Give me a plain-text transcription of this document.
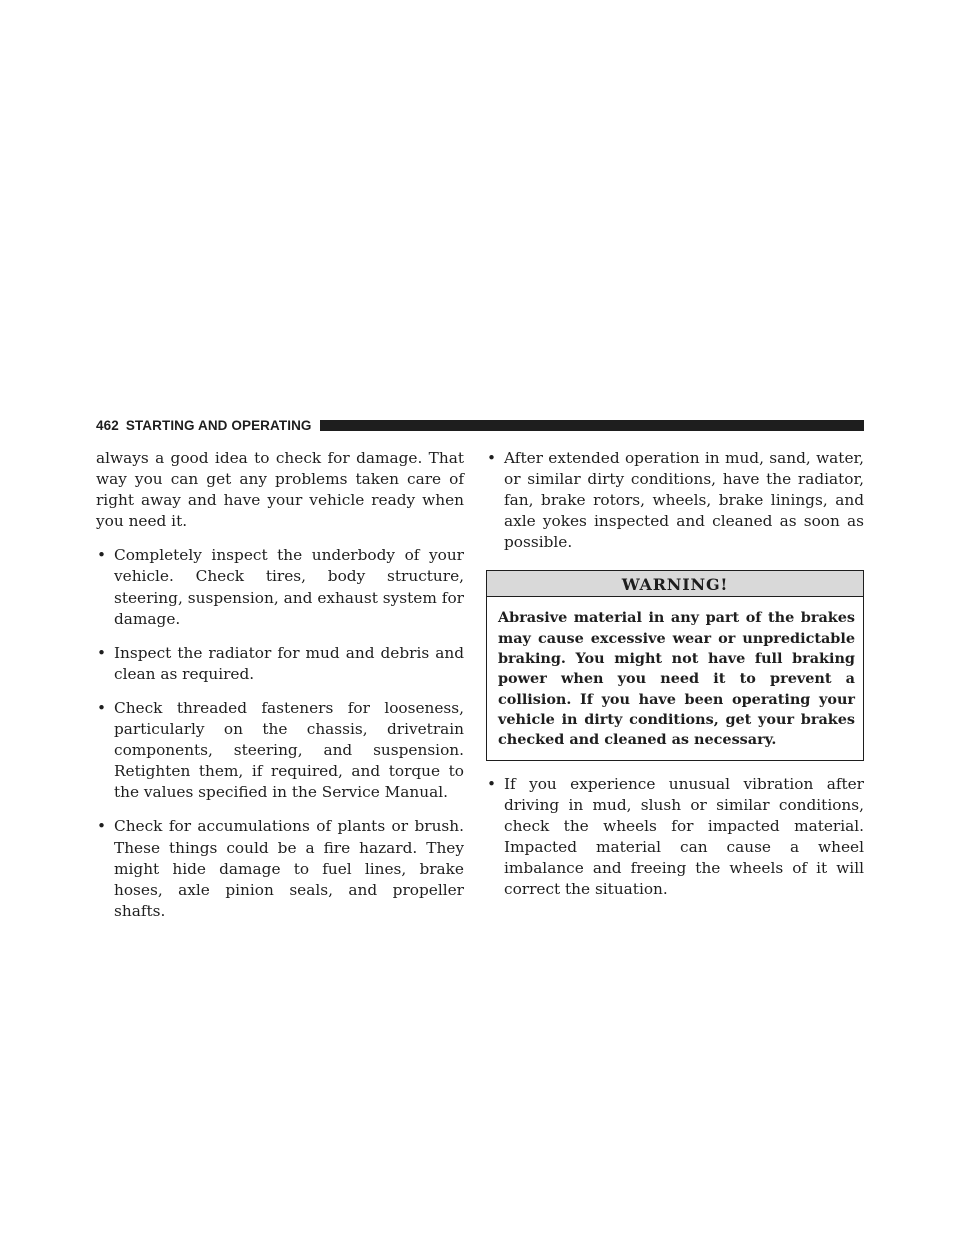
462 STARTING AND OPERATING

always a good idea to check for damage. That way you can get any problems taken care of right away and have your vehicle ready when you need it.

• Completely inspect the underbody of your vehicle. Check tires, body structure, steering, suspension, and exhaust system for damage.
• Inspect the radiator for mud and debris and clean as required.
• Check threaded fasteners for looseness, particularly on the chassis, drivetrain components, steering, and suspension. Retighten them, if required, and torque to the values specified in the Service Manual.
• Check for accumulations of plants or brush. These things could be a fire hazard. They might hide damage to fuel lines, brake hoses, axle pinion seals, and propeller shafts.
• After extended operation in mud, sand, water, or similar dirty conditions, have the radiator, fan, brake rotors, wheels, brake linings, and axle yokes inspected and cleaned as soon as possible.
WARNING!
Abrasive material in any part of the brakes may cause excessive wear or unpredictable braking. You might not have full braking power when you need it to prevent a collision. If you have been operating your vehicle in dirty conditions, get your brakes checked and cleaned as necessary.
• If you experience unusual vibration after driving in mud, slush or similar conditions, check the wheels for impacted material. Impacted material can cause a wheel imbalance and freeing the wheels of it will correct the situation.
